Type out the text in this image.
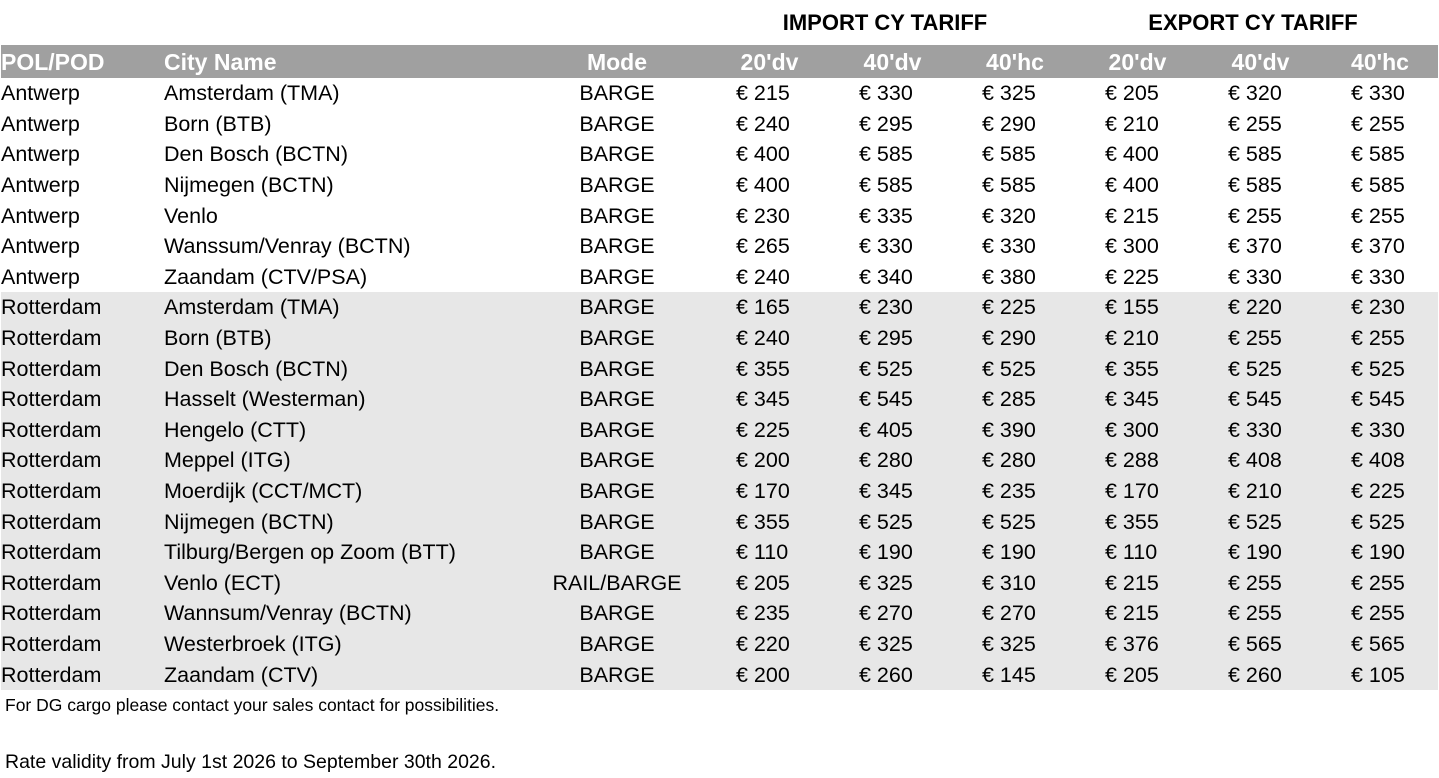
IMPORT CY TARIFF	EXPORT CY TARIFF
POL/POD	City Name	Mode	20'dv	40'dv	40'hc	20'dv	40'dv	40'hc
Antwerp	Amsterdam (TMA)	BARGE	€ 215	€ 330	€ 325	€ 205	€ 320	€ 330
Antwerp	Born (BTB)	BARGE	€ 240	€ 295	€ 290	€ 210	€ 255	€ 255
Antwerp	Den Bosch (BCTN)	BARGE	€ 400	€ 585	€ 585	€ 400	€ 585	€ 585
Antwerp	Nijmegen (BCTN)	BARGE	€ 400	€ 585	€ 585	€ 400	€ 585	€ 585
Antwerp	Venlo	BARGE	€ 230	€ 335	€ 320	€ 215	€ 255	€ 255
Antwerp	Wanssum/Venray (BCTN)	BARGE	€ 265	€ 330	€ 330	€ 300	€ 370	€ 370
Antwerp	Zaandam (CTV/PSA)	BARGE	€ 240	€ 340	€ 380	€ 225	€ 330	€ 330
Rotterdam	Amsterdam (TMA)	BARGE	€ 165	€ 230	€ 225	€ 155	€ 220	€ 230
Rotterdam	Born (BTB)	BARGE	€ 240	€ 295	€ 290	€ 210	€ 255	€ 255
Rotterdam	Den Bosch (BCTN)	BARGE	€ 355	€ 525	€ 525	€ 355	€ 525	€ 525
Rotterdam	Hasselt (Westerman)	BARGE	€ 345	€ 545	€ 285	€ 345	€ 545	€ 545
Rotterdam	Hengelo (CTT)	BARGE	€ 225	€ 405	€ 390	€ 300	€ 330	€ 330
Rotterdam	Meppel (ITG)	BARGE	€ 200	€ 280	€ 280	€ 288	€ 408	€ 408
Rotterdam	Moerdijk (CCT/MCT)	BARGE	€ 170	€ 345	€ 235	€ 170	€ 210	€ 225
Rotterdam	Nijmegen (BCTN)	BARGE	€ 355	€ 525	€ 525	€ 355	€ 525	€ 525
Rotterdam	Tilburg/Bergen op Zoom (BTT)	BARGE	€ 110	€ 190	€ 190	€ 110	€ 190	€ 190
Rotterdam	Venlo (ECT)	RAIL/BARGE	€ 205	€ 325	€ 310	€ 215	€ 255	€ 255
Rotterdam	Wannsum/Venray (BCTN)	BARGE	€ 235	€ 270	€ 270	€ 215	€ 255	€ 255
Rotterdam	Westerbroek (ITG)	BARGE	€ 220	€ 325	€ 325	€ 376	€ 565	€ 565
Rotterdam	Zaandam (CTV)	BARGE	€ 200	€ 260	€ 145	€ 205	€ 260	€ 105
For DG cargo please contact your sales contact for possibilities.
Rate validity from July 1st 2026 to September 30th 2026.
